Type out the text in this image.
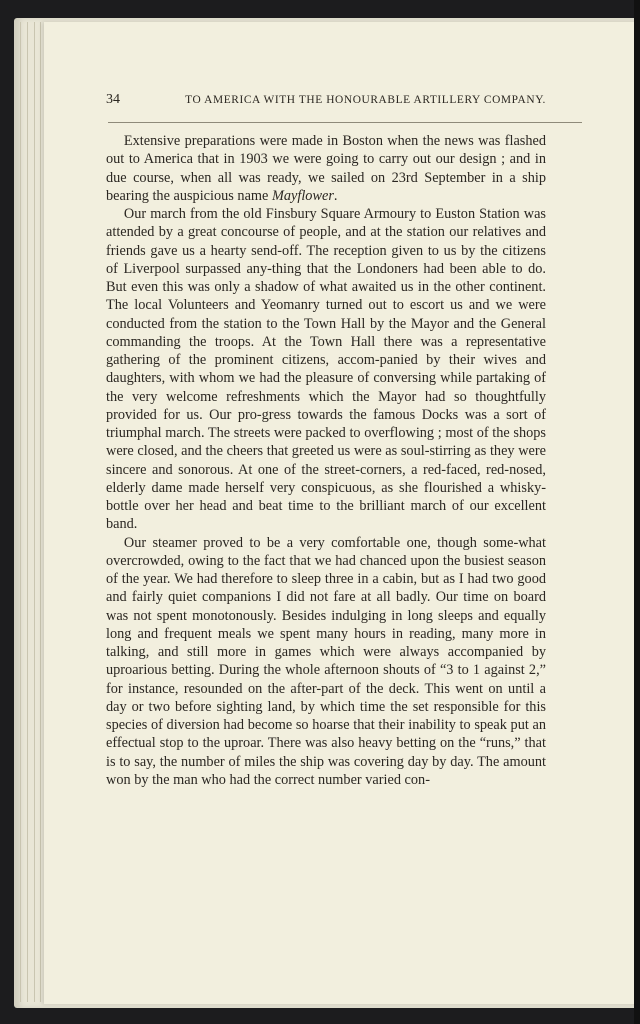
34	TO AMERICA WITH THE HONOURABLE ARTILLERY COMPANY.

Extensive preparations were made in Boston when the news was flashed out to America that in 1903 we were going to carry out our design ; and in due course, when all was ready, we sailed on 23rd September in a ship bearing the auspicious name Mayflower.

Our march from the old Finsbury Square Armoury to Euston Station was attended by a great concourse of people, and at the station our relatives and friends gave us a hearty send-off. The reception given to us by the citizens of Liverpool surpassed any-thing that the Londoners had been able to do. But even this was only a shadow of what awaited us in the other continent. The local Volunteers and Yeomanry turned out to escort us and we were conducted from the station to the Town Hall by the Mayor and the General commanding the troops. At the Town Hall there was a representative gathering of the prominent citizens, accom-panied by their wives and daughters, with whom we had the pleasure of conversing while partaking of the very welcome refreshments which the Mayor had so thoughtfully provided for us. Our pro-gress towards the famous Docks was a sort of triumphal march. The streets were packed to overflowing ; most of the shops were closed, and the cheers that greeted us were as soul-stirring as they were sincere and sonorous. At one of the street-corners, a red-faced, red-nosed, elderly dame made herself very conspicuous, as she flourished a whisky-bottle over her head and beat time to the brilliant march of our excellent band.

Our steamer proved to be a very comfortable one, though some-what overcrowded, owing to the fact that we had chanced upon the busiest season of the year. We had therefore to sleep three in a cabin, but as I had two good and fairly quiet companions I did not fare at all badly. Our time on board was not spent monotonously. Besides indulging in long sleeps and equally long and frequent meals we spent many hours in reading, many more in talking, and still more in games which were always accompanied by uproarious betting. During the whole afternoon shouts of “3 to 1 against 2,” for instance, resounded on the after-part of the deck. This went on until a day or two before sighting land, by which time the set responsible for this species of diversion had become so hoarse that their inability to speak put an effectual stop to the uproar. There was also heavy betting on the “runs,” that is to say, the number of miles the ship was covering day by day. The amount won by the man who had the correct number varied con-
